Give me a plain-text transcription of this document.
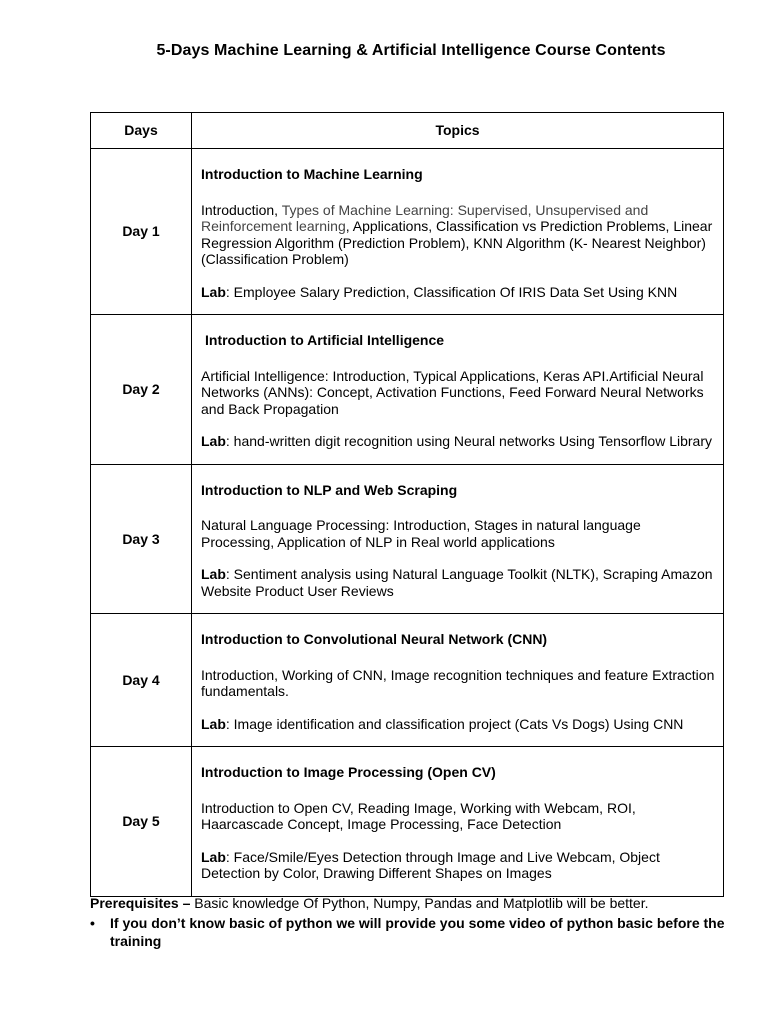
5-Days Machine Learning & Artificial Intelligence Course Contents
Days	Topics
Day 1	Introduction to Machine Learning
Introduction, Types of Machine Learning: Supervised, Unsupervised and Reinforcement learning, Applications, Classification vs Prediction Problems, Linear Regression Algorithm (Prediction Problem), KNN Algorithm (K- Nearest Neighbor) (Classification Problem)
Lab: Employee Salary Prediction, Classification Of IRIS Data Set Using KNN

Day 2	Introduction to Artificial Intelligence
Artificial Intelligence: Introduction, Typical Applications, Keras API.Artificial Neural Networks (ANNs): Concept, Activation Functions, Feed Forward Neural Networks and Back Propagation
Lab: hand-written digit recognition using Neural networks Using Tensorflow Library

Day 3	Introduction to NLP and Web Scraping
Natural Language Processing: Introduction, Stages in natural language Processing, Application of NLP in Real world applications
Lab: Sentiment analysis using Natural Language Toolkit (NLTK), Scraping Amazon Website Product User Reviews

Day 4	Introduction to Convolutional Neural Network (CNN)
Introduction, Working of CNN, Image recognition techniques and feature Extraction fundamentals.
Lab: Image identification and classification project (Cats Vs Dogs) Using CNN

Day 5	Introduction to Image Processing (Open CV)
Introduction to Open CV, Reading Image, Working with Webcam, ROI, Haarcascade Concept, Image Processing, Face Detection
Lab: Face/Smile/Eyes Detection through Image and Live Webcam, Object Detection by Color, Drawing Different Shapes on Images
Prerequisites – Basic knowledge Of Python, Numpy, Pandas and Matplotlib will be better.
•	If you don’t know basic of python we will provide you some video of python basic before the training
